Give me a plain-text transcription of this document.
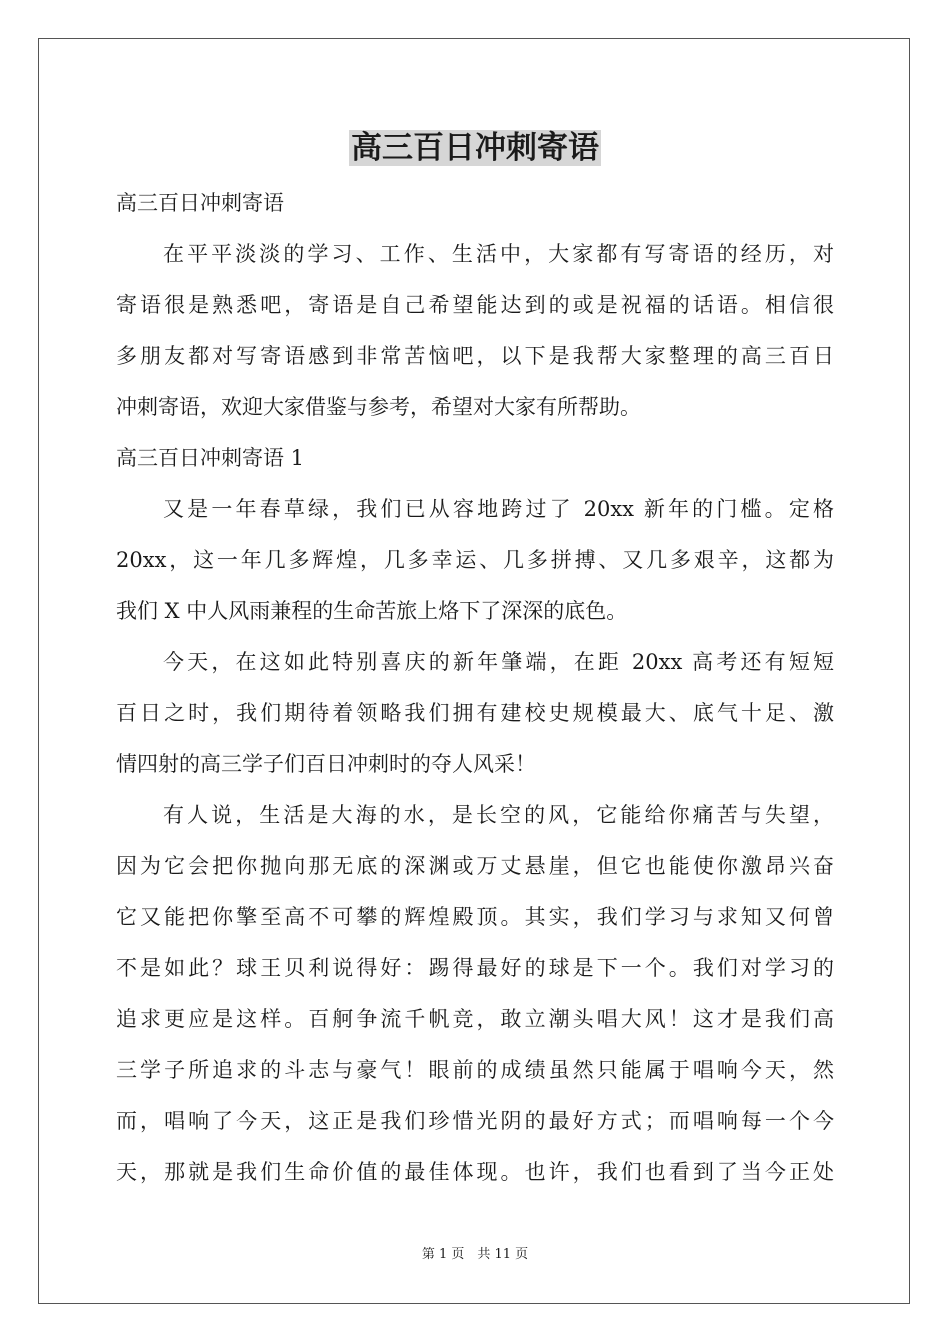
高三百日冲刺寄语
高三百日冲刺寄语
在平平淡淡的学习、工作、生活中，大家都有写寄语的经历，对
寄语很是熟悉吧，寄语是自己希望能达到的或是祝福的话语。相信很
多朋友都对写寄语感到非常苦恼吧，以下是我帮大家整理的高三百日
冲刺寄语，欢迎大家借鉴与参考，希望对大家有所帮助。
高三百日冲刺寄语 1
又是一年春草绿，我们已从容地跨过了 20xx 新年的门槛。定格
20xx，这一年几多辉煌，几多幸运、几多拼搏、又几多艰辛，这都为
我们 X 中人风雨兼程的生命苦旅上烙下了深深的底色。
今天，在这如此特别喜庆的新年肇端，在距 20xx 高考还有短短
百日之时，我们期待着领略我们拥有建校史规模最大、底气十足、激
情四射的高三学子们百日冲刺时的夺人风采！
有人说，生活是大海的水，是长空的风，它能给你痛苦与失望，
因为它会把你抛向那无底的深渊或万丈悬崖，但它也能使你激昂兴奋
它又能把你擎至高不可攀的辉煌殿顶。其实，我们学习与求知又何曾
不是如此？球王贝利说得好：踢得最好的球是下一个。我们对学习的
追求更应是这样。百舸争流千帆竞，敢立潮头唱大风！这才是我们高
三学子所追求的斗志与豪气！眼前的成绩虽然只能属于唱响今天，然
而，唱响了今天，这正是我们珍惜光阴的最好方式；而唱响每一个今
天，那就是我们生命价值的最佳体现。也许，我们也看到了当今正处
第 1 页　共 11 页
